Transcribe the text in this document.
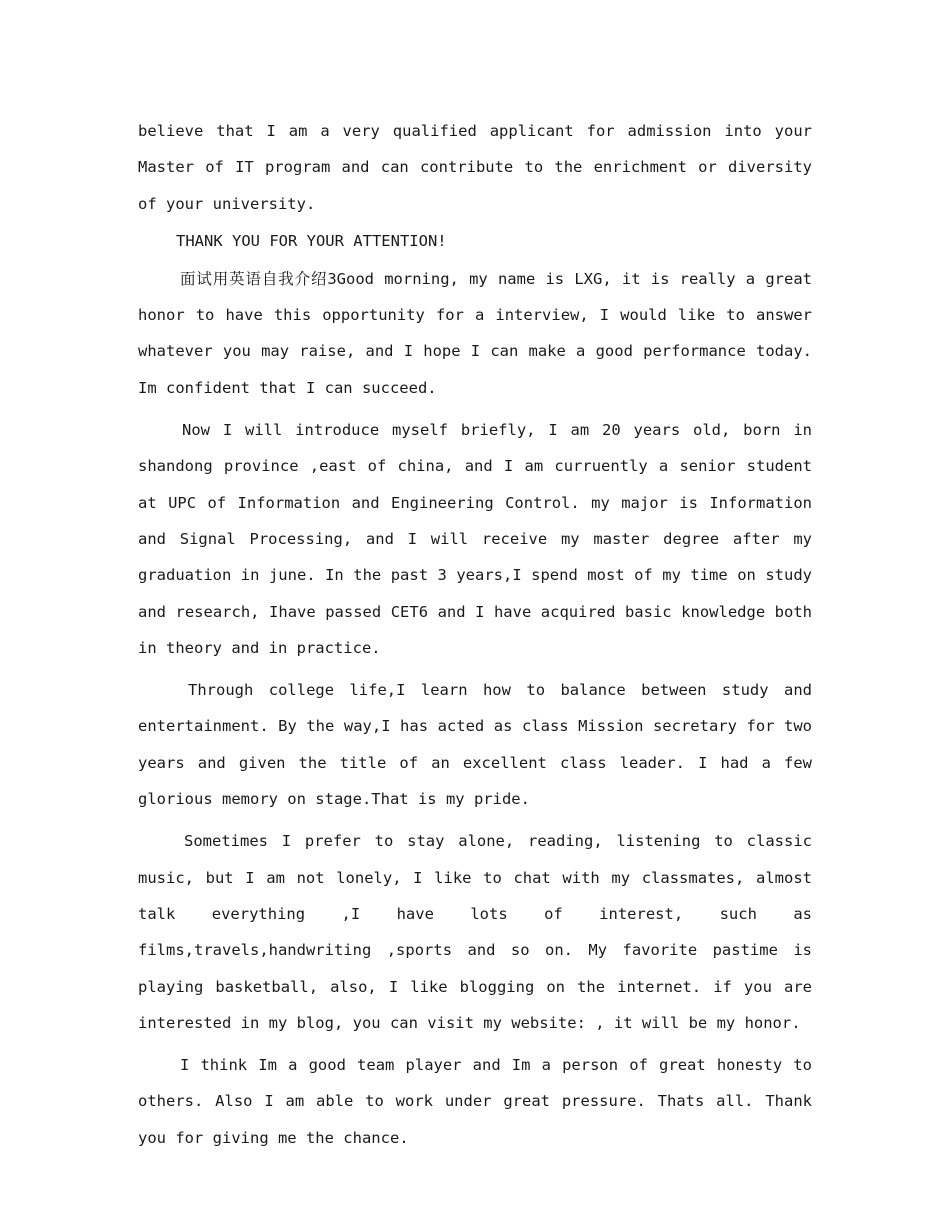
believe that I am a very qualified applicant for admission into your Master of IT program and can contribute to the enrichment or diversity of your university.

THANK YOU FOR YOUR ATTENTION!

面试用英语自我介绍3Good morning, my name is LXG, it is really a great honor to have this opportunity for a interview, I would like to answer whatever you may raise, and I hope I can make a good performance today. Im confident that I can succeed.

Now I will introduce myself briefly, I am 20 years old, born in shandong province ,east of china, and I am curruently a senior student at UPC of Information and Engineering Control. my major is Information and Signal Processing, and I will receive my master degree after my graduation in june. In the past 3 years,I spend most of my time on study and research, Ihave passed CET6 and I have acquired basic knowledge both in theory and in practice.

Through college life,I learn how to balance between study and entertainment. By the way,I has acted as class Mission secretary for two years and given the title of an excellent class leader. I had a few glorious memory on stage.That is my pride.

Sometimes I prefer to stay alone, reading, listening to classic music, but I am not lonely, I like to chat with my classmates, almost talk everything ,I have lots of interest, such as films,travels,handwriting ,sports and so on. My favorite pastime is playing basketball, also, I like blogging on the internet. if you are interested in my blog, you can visit my website: , it will be my honor.

I think Im a good team player and Im a person of great honesty to others. Also I am able to work under great pressure. Thats all. Thank you for giving me the chance.
